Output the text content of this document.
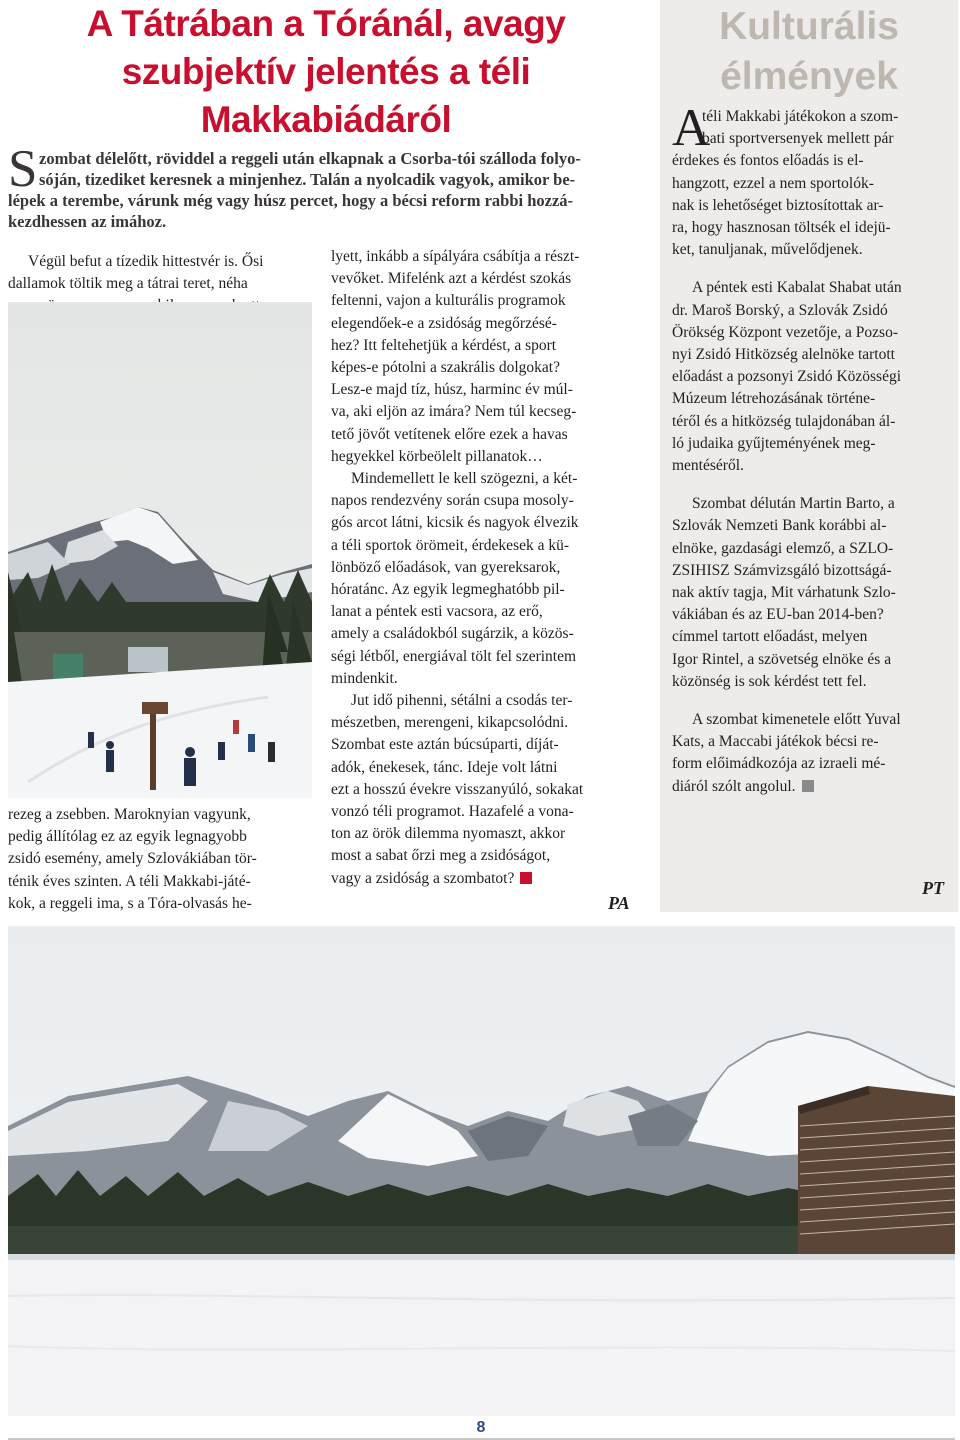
A Tátrában a Tóránál, avagy
szubjektív jelentés a téli
Makkabiádáról
S zombat délelőtt, röviddel a reggeli után elkapnak a Csorba-tói szálloda folyo-
sóján, tizediket keresnek a minjenhez. Talán a nyolcadik vagyok, amikor be-
lépek a terembe, várunk még vagy húsz percet, hogy a bécsi reform rabbi hozzá-
kezdhessen az imához.
Végül befut a tízedik hittestvér is. Ősi
dallamok töltik meg a tátrai teret, néha
rezeg a zsebben. Maroknyian vagyunk,
pedig állítólag ez az egyik legnagyobb
zsidó esemény, amely Szlovákiában tör-
ténik éves szinten. A téli Makkabi-játé-
kok, a reggeli ima, s a Tóra-olvasás he-
lyett, inkább a sípályára csábítja a részt-
vevőket. Mifelénk azt a kérdést szokás
feltenni, vajon a kulturális programok
elegendőek-e a zsidóság megőrzésé-
hez? Itt feltehetjük a kérdést, a sport
képes-e pótolni a szakrális dolgokat?
Lesz-e majd tíz, húsz, harminc év múl-
va, aki eljön az imára? Nem túl kecseg-
tető jövőt vetítenek előre ezek a havas
hegyekkel körbeölelt pillanatok…
Mindemellett le kell szögezni, a két-
napos rendezvény során csupa mosoly-
gós arcot látni, kicsik és nagyok élvezik
a téli sportok örömeit, érdekesek a kü-
lönböző előadások, van gyereksarok,
hóratánc. Az egyik legmeghatóbb pil-
lanat a péntek esti vacsora, az erő,
amely a családokból sugárzik, a közös-
ségi létből, energiával tölt fel szerintem
mindenkit.
Jut idő pihenni, sétálni a csodás ter-
mészetben, merengeni, kikapcsolódni.
Szombat este aztán búcsúparti, díját-
adók, énekesek, tánc. Ideje volt látni
ezt a hosszú évekre visszanyúló, sokakat
vonzó téli programot. Hazafelé a vona-
ton az örök dilemma nyomaszt, akkor
most a sabat őrzi meg a zsidóságot,
vagy a zsidóság a szombatot?
PA
Kulturális
élmények
A
téli Makkabi játékokon a szom-
bati sportversenyek mellett pár
érdekes és fontos előadás is el-
hangzott, ezzel a nem sportolók-
nak is lehetőséget biztosítottak ar-
ra, hogy hasznosan töltsék el idejü-
ket, tanuljanak, művelődjenek.
A péntek esti Kabalat Shabat után
dr. Maroš Borský, a Szlovák Zsidó
Örökség Központ vezetője, a Pozso-
nyi Zsidó Hitközség alelnöke tartott
előadást a pozsonyi Zsidó Közösségi
Múzeum létrehozásának történe-
téről és a hitközség tulajdonában ál-
ló judaika gyűjteményének meg-
mentéséről.
Szombat délután Martin Barto, a
Szlovák Nemzeti Bank korábbi al-
elnöke, gazdasági elemző, a SZLO-
ZSIHISZ Számvizsgáló bizottságá-
nak aktív tagja, Mit várhatunk Szlo-
vákiában és az EU-ban 2014-ben?
címmel tartott előadást, melyen
Igor Rintel, a szövetség elnöke és a
közönség is sok kérdést tett fel.
A szombat kimenetele előtt Yuval
Kats, a Maccabi játékok bécsi re-
form előimádkozója az izraeli mé-
diáról szólt angolul.
PT
8
